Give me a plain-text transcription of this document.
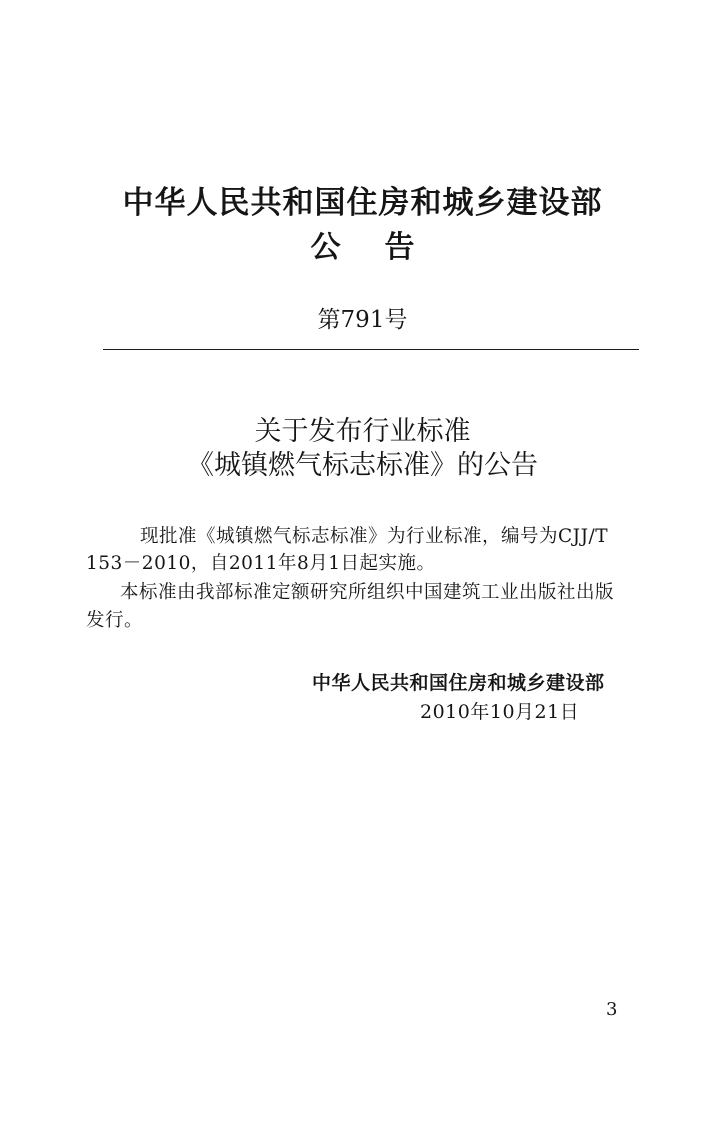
中华人民共和国住房和城乡建设部
公告
第791号
关于发布行业标准
《城镇燃气标志标准》的公告
现批准《城镇燃气标志标准》为行业标准，编号为CJJ/T
153－2010，自2011年8月1日起实施。
本标准由我部标准定额研究所组织中国建筑工业出版社出版
发行。
中华人民共和国住房和城乡建设部
2010年10月21日
3
